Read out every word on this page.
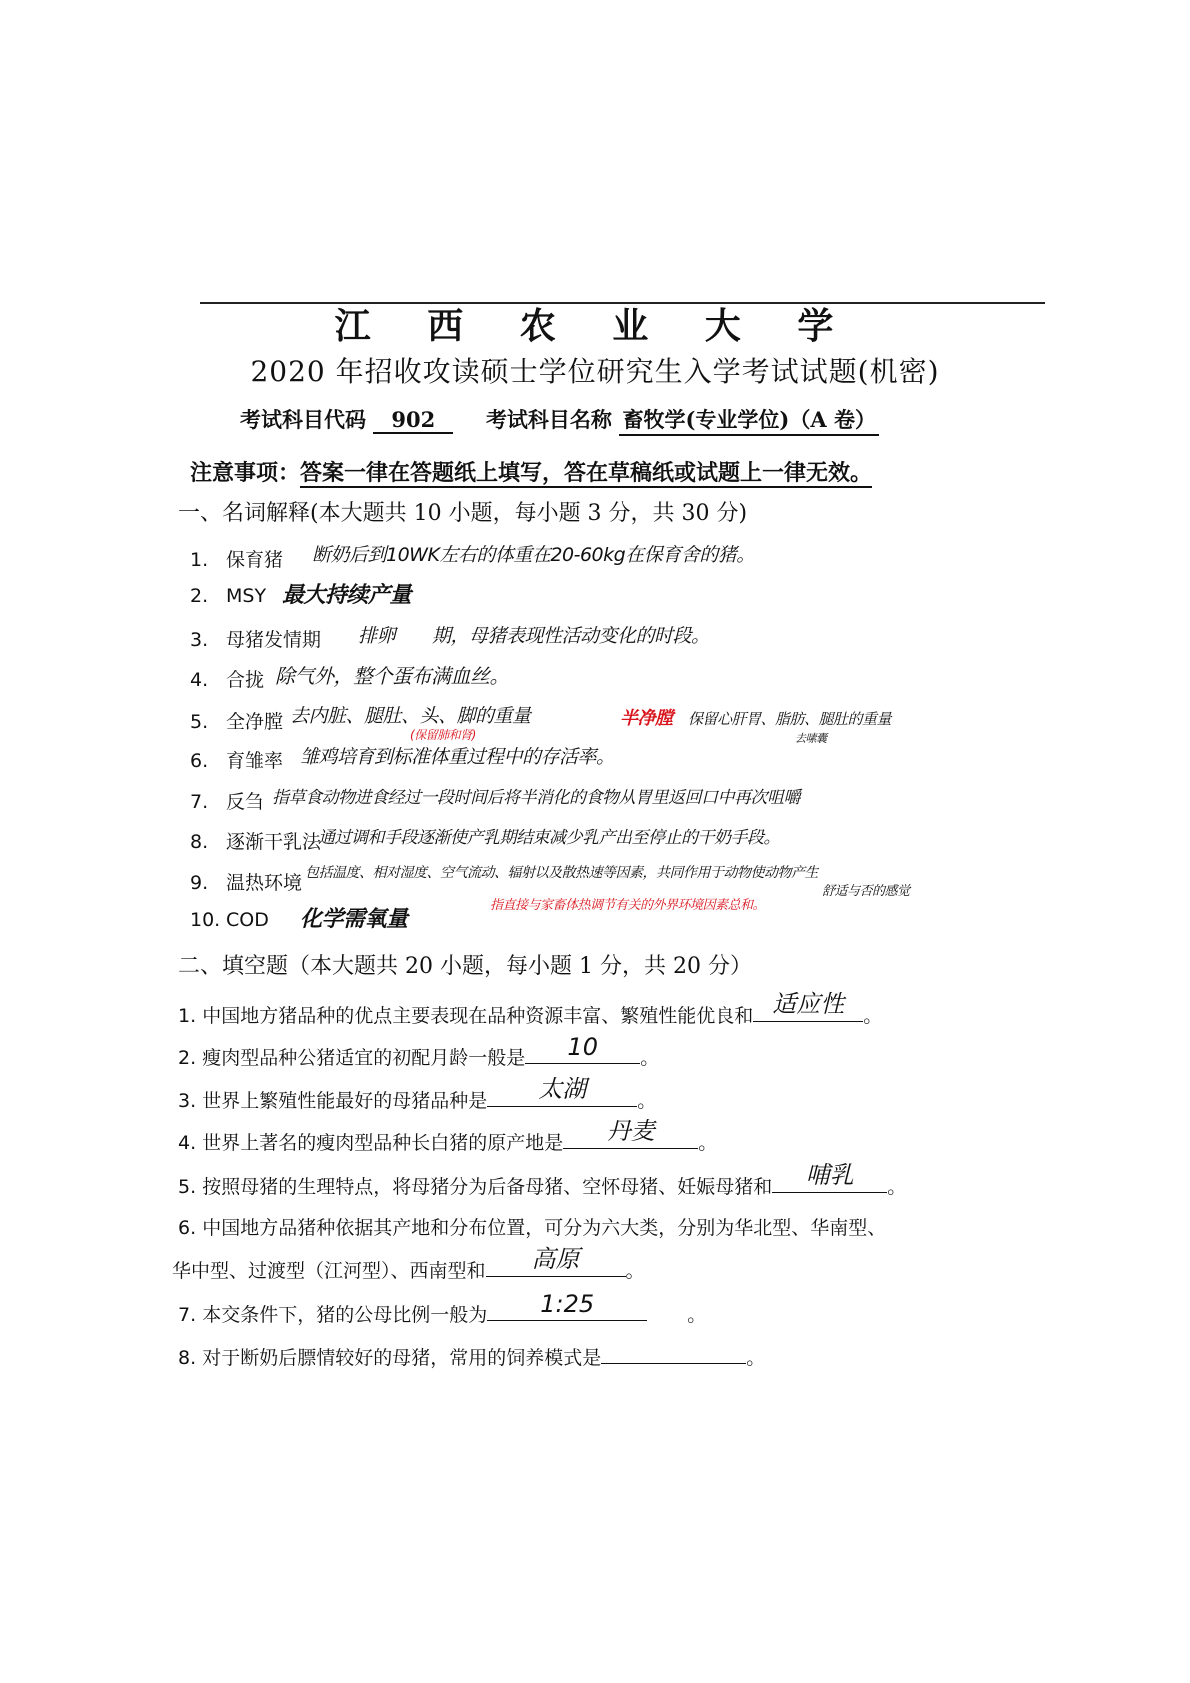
江 西 农 业 大 学
2020 年招收攻读硕士学位研究生入学考试试题(机密)
考试科目代码 902 考试科目名称 畜牧学(专业学位)（A 卷）
注意事项：答案一律在答题纸上填写，答在草稿纸或试题上一律无效。
一、名词解释(本大题共 10 小题，每小题 3 分，共 30 分)
1. 保育猪 断奶后到10WK左右的体重在20-60kg在保育舍的猪。
2. MSY 最大持续产量
3. 母猪发情期 排卵　　期，母猪表现性活动变化的时段。
4. 合拢 除气外，整个蛋布满血丝。
5. 全净膛 去内脏、腿肚、头、脚的重量
(保留肺和肾)
半净膛 保留心肝胃、脂肪、腿肚的重量
去嗉囊
6. 育雏率 雏鸡培育到标准体重过程中的存活率。
7. 反刍 指草食动物进食经过一段时间后将半消化的食物从胃里返回口中再次咀嚼
8. 逐渐干乳法
通过调和手段逐渐使产乳期结束减少乳产出至停止的干奶手段。
9. 温热环境 包括温度、相对湿度、空气流动、辐射以及散热速等因素，共同作用于动物使动物产生
舒适与否的感觉
10. COD 化学需氧量
指直接与家畜体热调节有关的外界环境因素总和。
二、填空题（本大题共 20 小题，每小题 1 分，共 20 分）
1. 中国地方猪品种的优点主要表现在品种资源丰富、繁殖性能优良和 适应性	。
2. 瘦肉型品种公猪适宜的初配月龄一般是	10	。
3. 世界上繁殖性能最好的母猪品种是	太湖	。
4. 世界上著名的瘦肉型品种长白猪的原产地是	丹麦	。
5. 按照母猪的生理特点，将母猪分为后备母猪、空怀母猪、妊娠母猪和	哺乳	。
6. 中国地方品猪种依据其产地和分布位置，可分为六大类，分别为华北型、华南型、
华中型、过渡型（江河型）、西南型和	高原	。
7. 本交条件下，猪的公母比例一般为	1:25	。
8. 对于断奶后膘情较好的母猪，常用的饲养模式是	。
